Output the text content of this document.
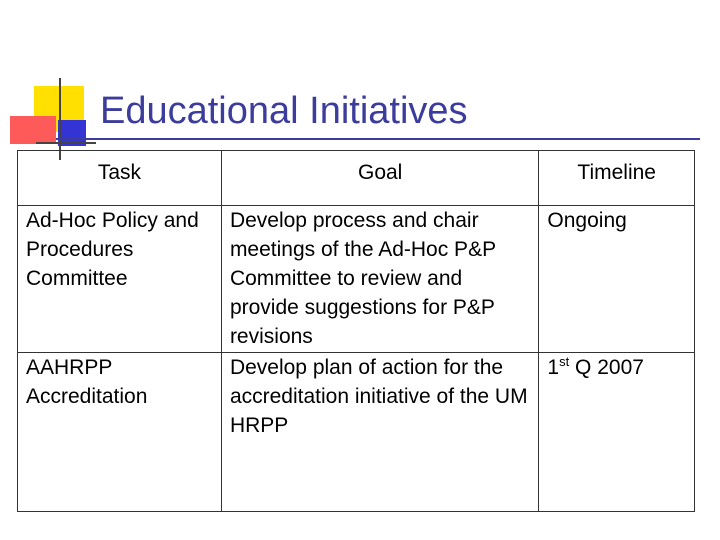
Educational Initiatives
Task	Goal	Timeline

Ad-Hoc Policy and Procedures Committee	Develop process and chair meetings of the Ad-Hoc P&P Committee to review and provide suggestions for P&P revisions	Ongoing
AAHRPP Accreditation	Develop plan of action for the accreditation initiative of the UM HRPP	1st Q 2007
